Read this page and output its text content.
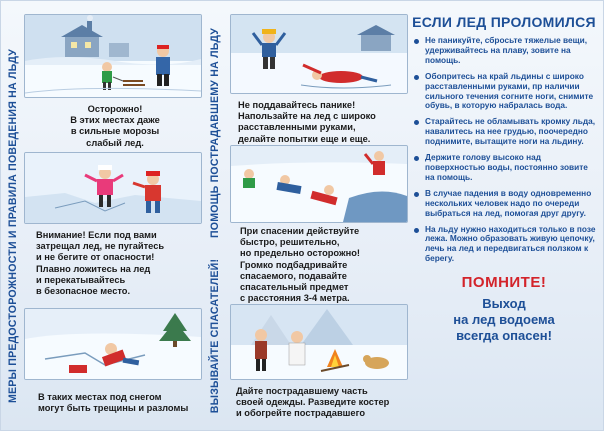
МЕРЫ ПРЕДОСТОРОЖНОСТИ И ПРАВИЛА ПОВЕДЕНИЯ НА ЛЬДУ	Осторожно!
В этих местах даже
в сильные морозы
слабый лед.
Внимание! Если под вами
затрещал лед, не пугайтесь
и не бегите от опасности!
Плавно ложитесь на лед
и перекатывайтесь
в безопасное место.
В таких местах под снегом
могут быть трещины и разломы
ПОМОЩЬ ПОСТРАДАВШЕМУ НА ЛЬДУ
ВЫЗЫВАЙТЕ СПАСАТЕЛЕЙ!
Не поддавайтесь панике!
Напользайте на лед с широко
расставленными руками,
делайте попытки еще и еще.
При спасении действуйте
быстро, решительно,
но предельно осторожно!
Громко подбадривайте
спасаемого, подавайте
спасательный предмет
с расстояния 3-4 метра.
Дайте пострадавшему часть
своей одежды. Разведите костер
и обогрейте пострадавшего
ЕСЛИ ЛЕД ПРОЛОМИЛСЯ
Не паникуйте, сбросьте тяжелые вещи, удерживайтесь на плаву, зовите на помощь.
Обопритесь на край льдины с широко расставленными руками, пр наличии сильного течения согните ноги, снимите обувь, в которую набралась вода.
Старайтесь не обламывать кромку льда, навалитесь на нее грудью, поочередно поднимите, вытащите ноги на льдину.
Держите голову высоко над поверхностью воды, постоянно зовите на помощь.
В случае падения в воду одновременно нескольких человек надо по очереди выбраться на лед, помогая друг другу.
На льду нужно находиться только в позе лежа. Можно образовать живую цепочку, лечь на лед и передвигаться ползком к берегу.
ПОМНИТЕ!
Выход
на лед водоема
всегда опасен!
